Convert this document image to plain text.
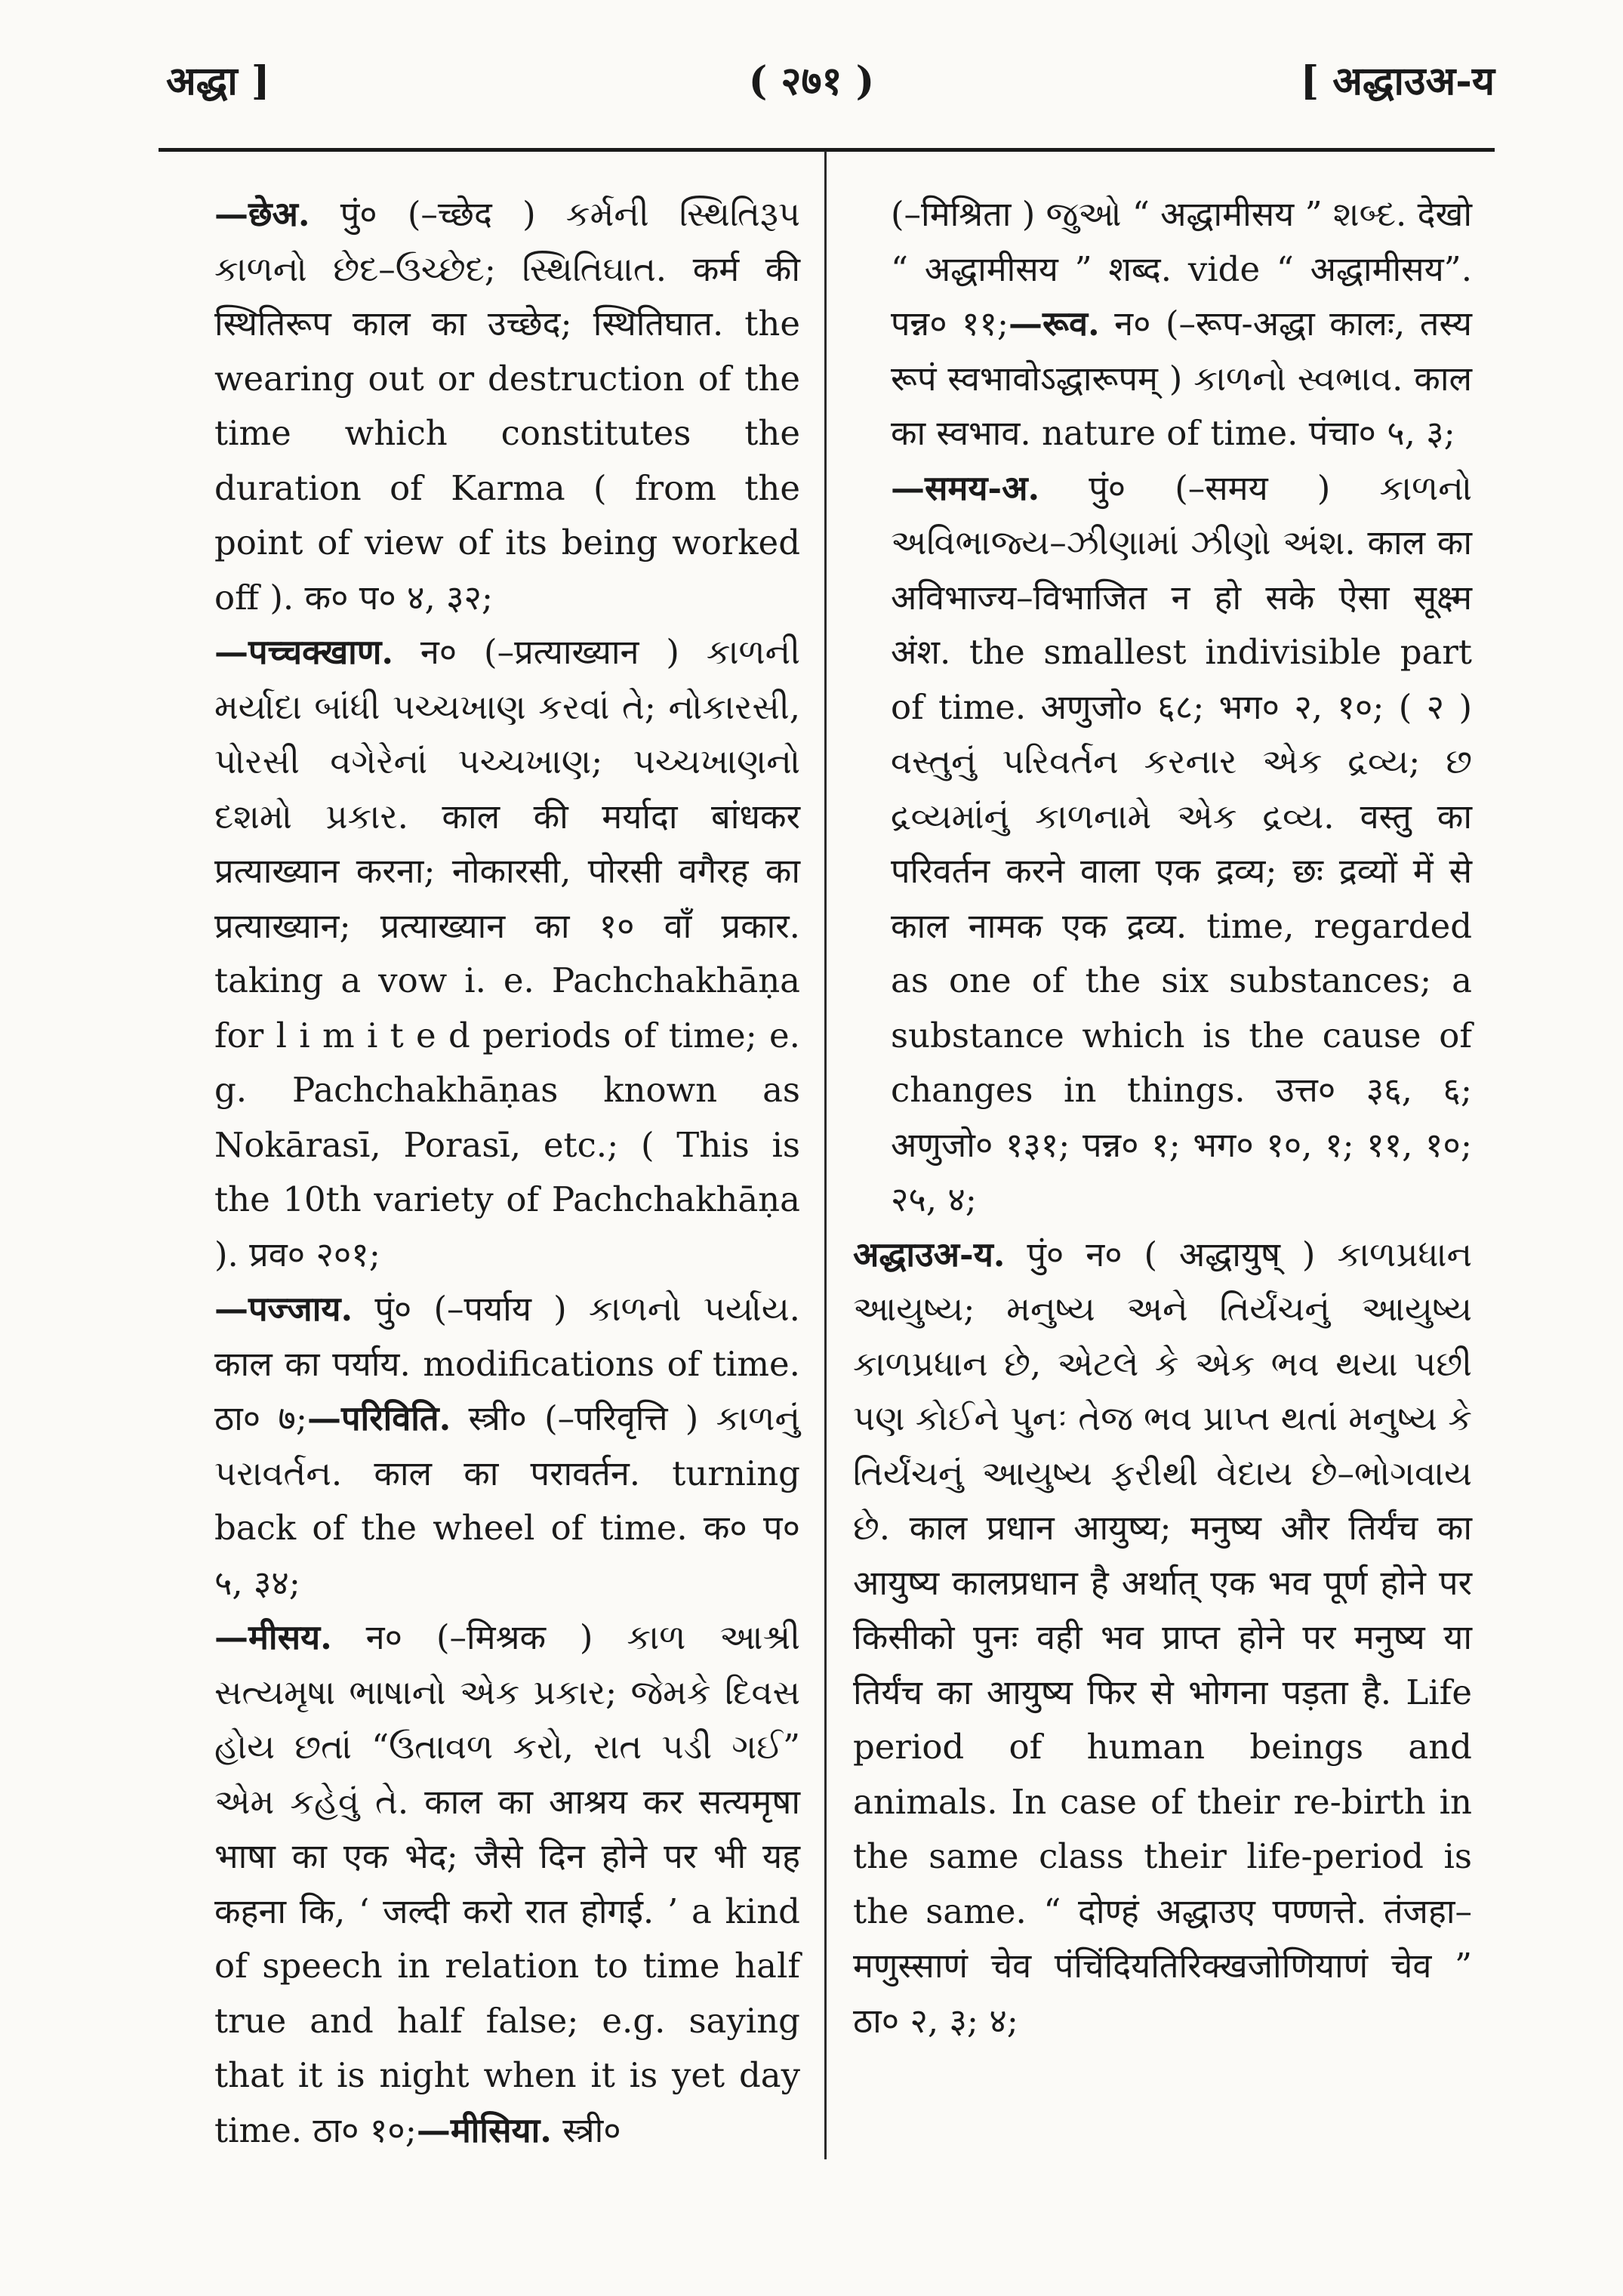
अद्धा ]	( २७१ )	[ अद्धाउअ-य

—छेअ. पुं० (–च्छेद ) કર્મની સ્થિતિરૂપ કાળનો છેદ–ઉચ્છેદ; સ્થિતિઘાત. कर्म की स्थितिरूप काल का उच्छेद; स्थितिघात. the wearing out or destruction of the time which constitutes the duration of Karma ( from the point of view of its being worked off ). क० प० ४, ३२;

—पच्चक्खाण. न० (–प्रत्याख्यान ) કાળની મર્યાદા બાંધી પચ્ચખાણ કરવાં તે; નોકારસી, પોરસી વગેરેનાં પચ્ચખાણ; પચ્ચખાણનો દશમો પ્રકાર. काल की मर्यादा बांधकर प्रत्याख्यान करना; नोकारसी, पोरसी वगैरह का प्रत्याख्यान; प्रत्याख्यान का १० वाँ प्रकार. taking a vow i. e. Pachchakhāṇa for l i m i t e d periods of time; e. g. Pachchakhāṇas known as Nokārasī, Porasī, etc.; ( This is the 10th variety of Pachchakhāṇa ). प्रव० २०१;

—पज्जाय. पुं० (–पर्याय ) કાળનો પર્યાય. काल का पर्याय. modifications of time. ठा० ७;—परिविति. स्त्री० (–परिवृत्ति ) કાળનું પરાવર્તન. काल का परावर्तन. turning back of the wheel of time. क० प० ५, ३४;

—मीसय. न० (–मिश्रक ) કાળ આશ્રી સત્યમૃષા ભાષાનો એક પ્રકાર; જેમકે દિવસ હોય છતાં “ઉતાવળ કરો, રાત પડી ગઈ” એમ કહેવું તે. काल का आश्रय कर सत्यमृषा भाषा का एक भेद; जैसे दिन होने पर भी यह कहना कि, ‘ जल्दी करो रात होगई. ’ a kind of speech in relation to time half true and half false; e.g. saying that it is night when it is yet day time. ठा० १०;—मीसिया. स्त्री०

(–मिश्रिता ) જુઓ “ अद्धामीसय ” શબ્દ. देखो “ अद्धामीसय ” शब्द. vide “ अद्धामीसय”. पन्न० ११;—रूव. न० (–रूप-अद्धा कालः, तस्य रूपं स्वभावोऽद्धारूपम् ) કાળનો સ્વભાવ. काल का स्वभाव. nature of time. पंचा० ५, ३;

—समय-अ. पुं० (–समय ) કાળનો અવિભાજ્ય–ઝીણામાં ઝીણો અંશ. काल का अविभाज्य–विभाजित न हो सके ऐसा सूक्ष्म अंश. the smallest indivisible part of time. अणुजो० ६८; भग० २, १०; ( २ ) વસ્તુનું પરિવર્તન કરનાર એક દ્રવ્ય; છ દ્રવ્યમાંનું કાળનામે એક દ્રવ્ય. वस्तु का परिवर्तन करने वाला एक द्रव्य; छः द्रव्यों में से काल नामक एक द्रव्य. time, regarded as one of the six substances; a substance which is the cause of changes in things. उत्त० ३६, ६; अणुजो० १३१; पन्न० १; भग० १०, १; ११, १०; २५, ४;

अद्धाउअ-य. पुं० न० ( अद्धायुष् ) કાળપ્રધાન આયુષ્ય; મનુષ્ય અને તિર્યંચનું આયુષ્ય કાળપ્રધાન છે, એટલે કે એક ભવ થયા પછી પણ કોઈને પુનઃ તેજ ભવ પ્રાપ્ત થતાં મનુષ્ય કે તિર્યંચનું આયુષ્ય ફરીથી વેદાય છે–ભોગવાય છે. काल प्रधान आयुष्य; मनुष्य और तिर्यंच का आयुष्य कालप्रधान है अर्थात् एक भव पूर्ण होने पर किसीको पुनः वही भव प्राप्त होने पर मनुष्य या तिर्यंच का आयुष्य फिर से भोगना पड़ता है. Life period of human beings and animals. In case of their re-birth in the same class their life-period is the same. “ दोण्हं अद्धाउए पण्णत्ते. तंजहा–मणुस्साणं चेव पंचिंदियतिरिक्खजोणियाणं चेव ” ठा० २, ३; ४;
